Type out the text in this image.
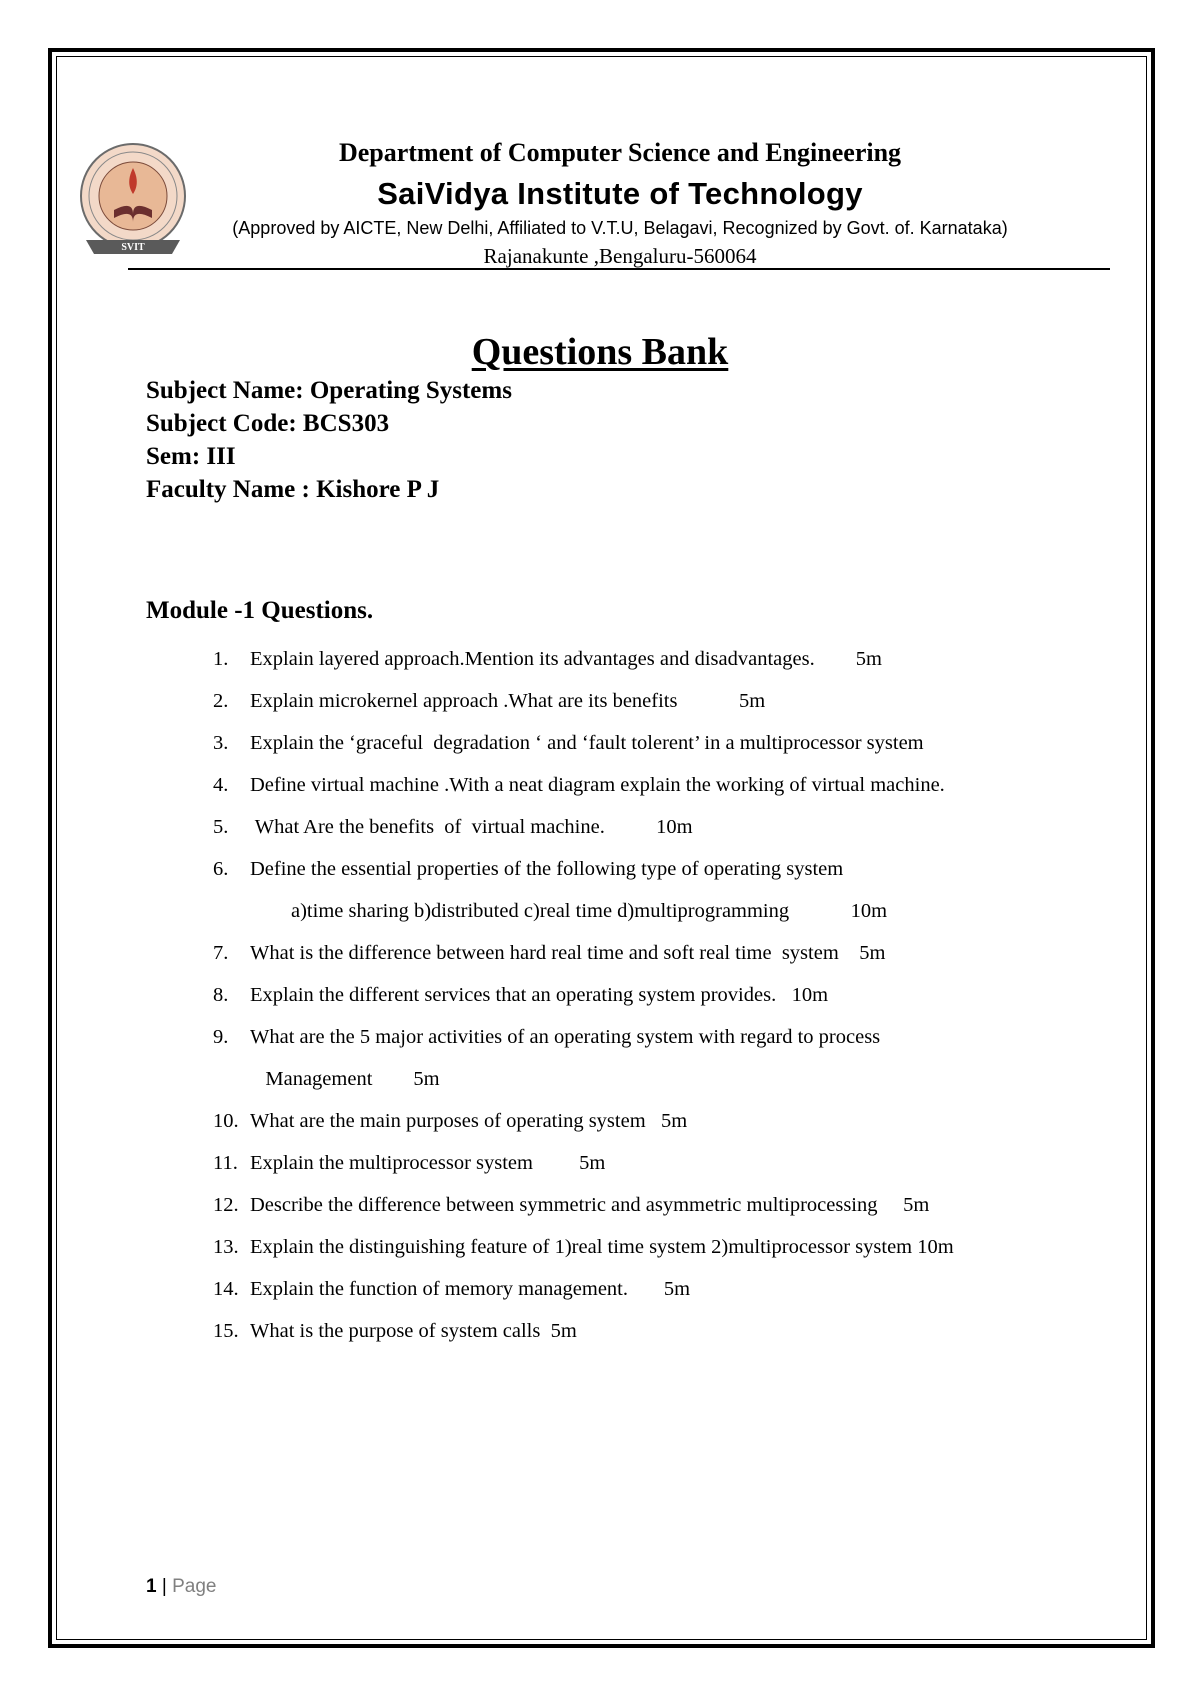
SVIT
Department of Computer Science and Engineering
SaiVidya Institute of Technology
(Approved by AICTE, New Delhi, Affiliated to V.T.U, Belagavi, Recognized by Govt. of. Karnataka)
Rajanakunte ,Bengaluru-560064
Questions Bank
Subject Name: Operating Systems
Subject Code: BCS303
Sem: III
Faculty Name : Kishore P J
Module -1 Questions.
1. Explain layered approach.Mention its advantages and disadvantages.        5m
2. Explain microkernel approach .What are its benefits            5m
3. Explain the ‘graceful  degradation ‘ and ‘fault tolerent’ in a multiprocessor system
4. Define virtual machine .With a neat diagram explain the working of virtual machine.
5. What Are the benefits  of  virtual machine.          10m
6. Define the essential properties of the following type of operating system
a)time sharing b)distributed c)real time d)multiprogramming            10m
7. What is the difference between hard real time and soft real time  system    5m
8. Explain the different services that an operating system provides.   10m
9. What are the 5 major activities of an operating system with regard to process
Management        5m
10. What are the main purposes of operating system   5m
11. Explain the multiprocessor system         5m
12. Describe the difference between symmetric and asymmetric multiprocessing     5m
13. Explain the distinguishing feature of 1)real time system 2)multiprocessor system 10m
14. Explain the function of memory management.       5m
15. What is the purpose of system calls  5m
1 | Page
